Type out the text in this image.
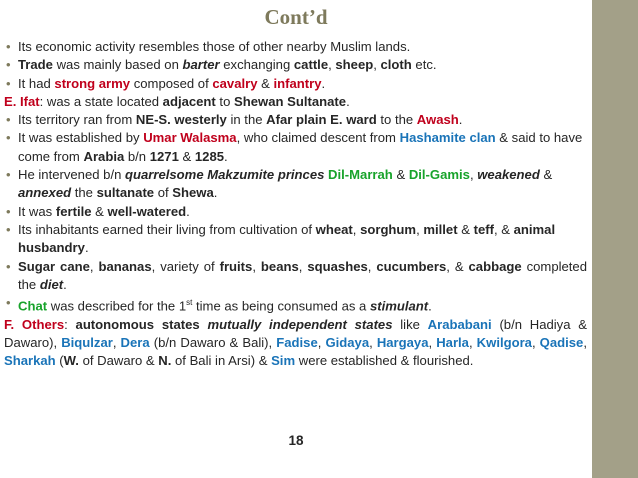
Cont’d
• Its economic activity resembles those of other nearby Muslim lands.
• Trade was mainly based on barter exchanging cattle, sheep, cloth etc.
• It had strong army composed of cavalry & infantry.
E. Ifat: was a state located adjacent to Shewan Sultanate.
• Its territory ran from NE-S. westerly in the Afar plain E. ward to the Awash.
• It was established by Umar Walasma, who claimed descent from Hashamite clan & said to have come from Arabia b/n 1271 & 1285.
• He intervened b/n quarrelsome Makzumite princes Dil-Marrah & Dil-Gamis, weakened & annexed the sultanate of Shewa.
• It was fertile & well-watered.
• Its inhabitants earned their living from cultivation of wheat, sorghum, millet & teff, & animal husbandry.
• Sugar cane, bananas, variety of fruits, beans, squashes, cucumbers, & cabbage completed the diet.
• Chat was described for the 1st time as being consumed as a stimulant.
F. Others: autonomous states mutually independent states like Arababani (b/n Hadiya & Dawaro), Biqulzar, Dera (b/n Dawaro & Bali), Fadise, Gidaya, Hargaya, Harla, Kwilgora, Qadise, Sharkah (W. of Dawaro & N. of Bali in Arsi) & Sim were established & flourished.
18
